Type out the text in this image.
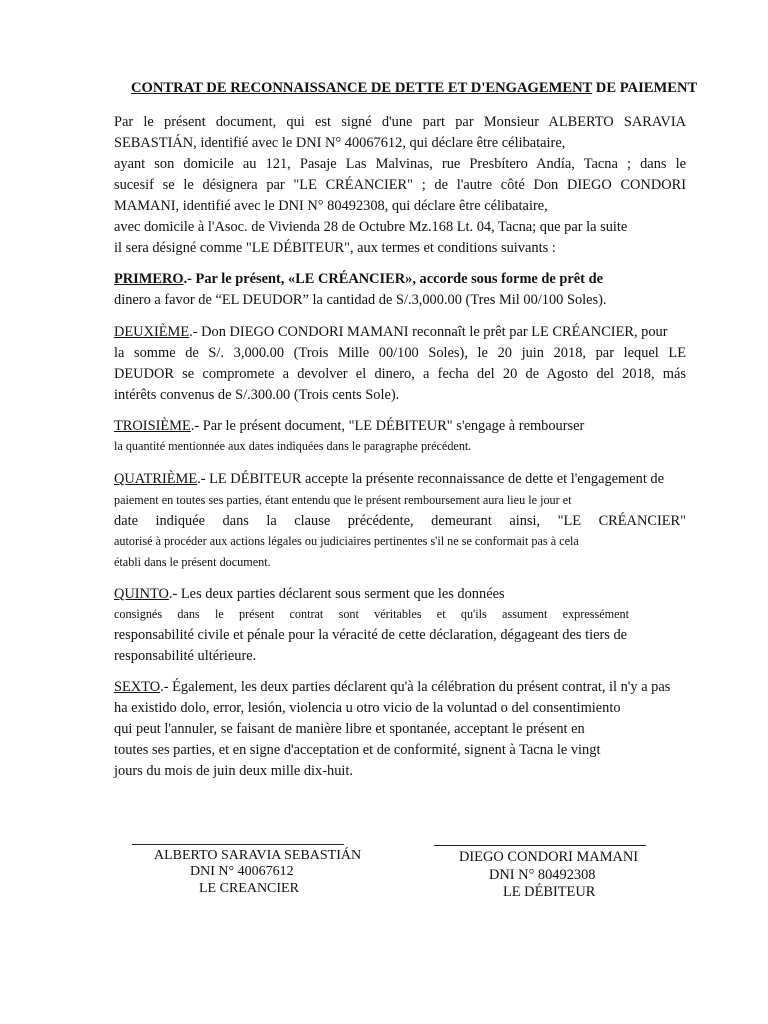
CONTRAT DE RECONNAISSANCE DE DETTE ET D'ENGAGEMENT DE PAIEMENT
Par le présent document, qui est signé d'une part par Monsieur ALBERTO SARAVIA
SEBASTIÁN, identifié avec le DNI N° 40067612, qui déclare être célibataire,
ayant son domicile au 121, Pasaje Las Malvinas, rue Presbítero Andía, Tacna ; dans le
sucesif se le désignera par "LE CRÉANCIER" ; de l'autre côté Don DIEGO CONDORI
MAMANI, identifié avec le DNI N° 80492308, qui déclare être célibataire,
avec domicile à l'Asoc. de Vivienda 28 de Octubre Mz.168 Lt. 04, Tacna; que par la suite
il sera désigné comme "LE DÉBITEUR", aux termes et conditions suivants :
PRIMERO.- Par le présent, «LE CRÉANCIER», accorde sous forme de prêt de
dinero a favor de “EL DEUDOR” la cantidad de S/.3,000.00 (Tres Mil 00/100 Soles).
DEUXIÈME.- Don DIEGO CONDORI MAMANI reconnaît le prêt par LE CRÉANCIER, pour
la somme de S/. 3,000.00 (Trois Mille 00/100 Soles), le 20 juin 2018, par lequel LE
DEUDOR se compromete a devolver el dinero, a fecha del 20 de Agosto del 2018, más
intérêts convenus de S/.300.00 (Trois cents Sole).
TROISIÈME.- Par le présent document, "LE DÉBITEUR" s'engage à rembourser
la quantité mentionnée aux dates indiquées dans le paragraphe précédent.
QUATRIÈME.- LE DÉBITEUR accepte la présente reconnaissance de dette et l'engagement de
paiement en toutes ses parties, étant entendu que le présent remboursement aura lieu le jour et
date indiquée dans la clause précédente, demeurant ainsi, "LE CRÉANCIER"
autorisé à procéder aux actions légales ou judiciaires pertinentes s'il ne se conformait pas à cela
établi dans le présent document.
QUINTO.- Les deux parties déclarent sous serment que les données
consignés dans le présent contrat sont véritables et qu'ils assument expressément
responsabilité civile et pénale pour la véracité de cette déclaration, dégageant des tiers de
responsabilité ultérieure.
SEXTO.- Également, les deux parties déclarent qu'à la célébration du présent contrat, il n'y a pas
ha existido dolo, error, lesión, violencia u otro vicio de la voluntad o del consentimiento
qui peut l'annuler, se faisant de manière libre et spontanée, acceptant le présent en
toutes ses parties, et en signe d'acceptation et de conformité, signent à Tacna le vingt
jours du mois de juin deux mille dix-huit.
ALBERTO SARAVIA SEBASTIÁN
DNI N° 40067612
LE CREANCIER
DIEGO CONDORI MAMANI
DNI N° 80492308
LE DÉBITEUR
